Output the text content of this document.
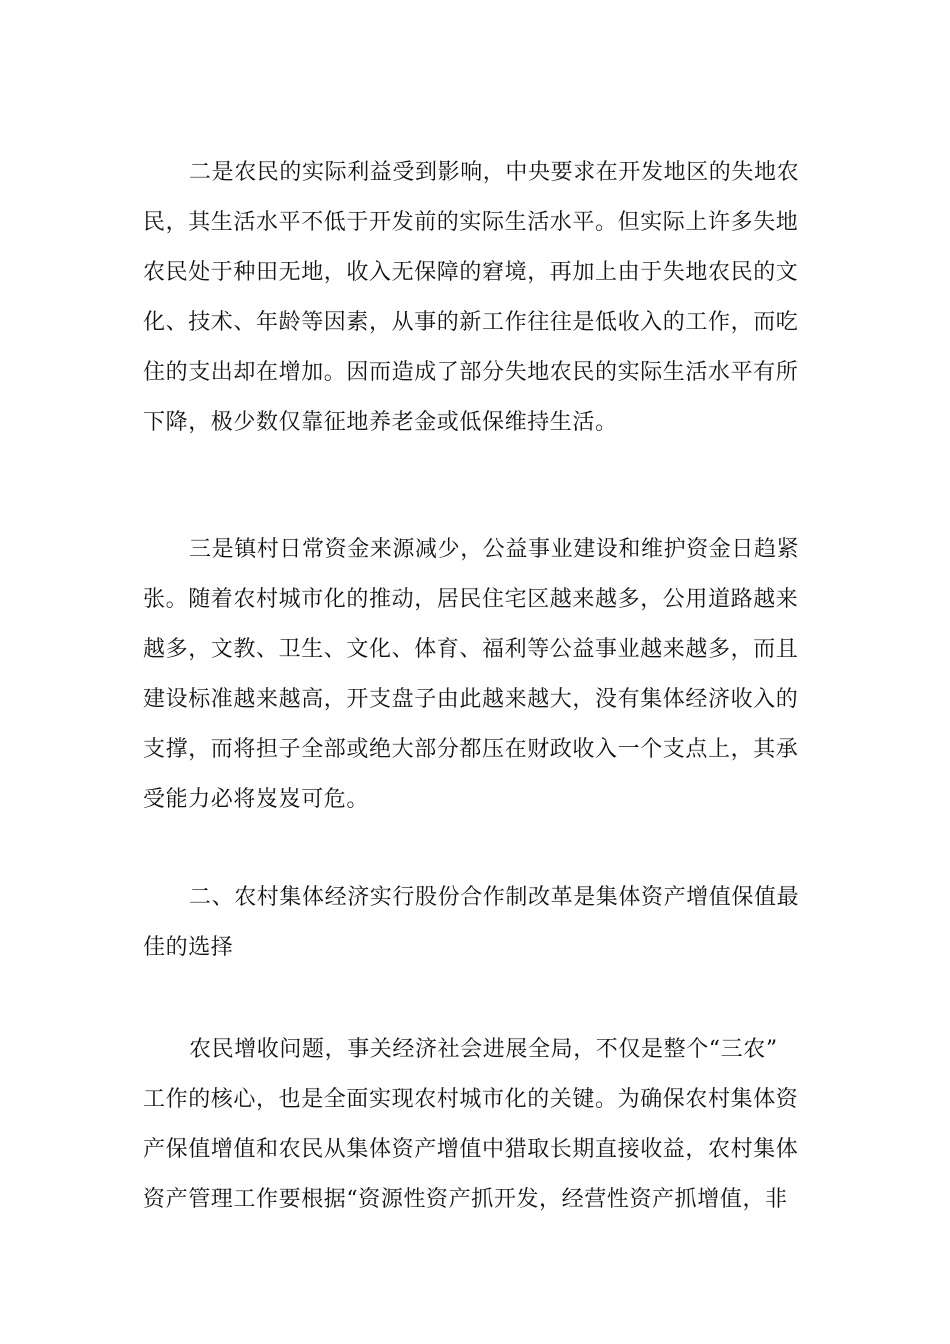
二是农民的实际利益受到影响，中央要求在开发地区的失地农
民，其生活水平不低于开发前的实际生活水平。但实际上许多失地
农民处于种田无地，收入无保障的窘境，再加上由于失地农民的文
化、技术、年龄等因素，从事的新工作往往是低收入的工作，而吃
住的支出却在增加。因而造成了部分失地农民的实际生活水平有所
下降，极少数仅靠征地养老金或低保维持生活。
三是镇村日常资金来源减少，公益事业建设和维护资金日趋紧
张。随着农村城市化的推动，居民住宅区越来越多，公用道路越来
越多，文教、卫生、文化、体育、福利等公益事业越来越多，而且
建设标准越来越高，开支盘子由此越来越大，没有集体经济收入的
支撑，而将担子全部或绝大部分都压在财政收入一个支点上，其承
受能力必将岌岌可危。
二、农村集体经济实行股份合作制改革是集体资产增值保值最
佳的选择
农民增收问题，事关经济社会进展全局，不仅是整个“三农”
工作的核心，也是全面实现农村城市化的关键。为确保农村集体资
产保值增值和农民从集体资产增值中猎取长期直接收益，农村集体
资产管理工作要根据“资源性资产抓开发，经营性资产抓增值，非
